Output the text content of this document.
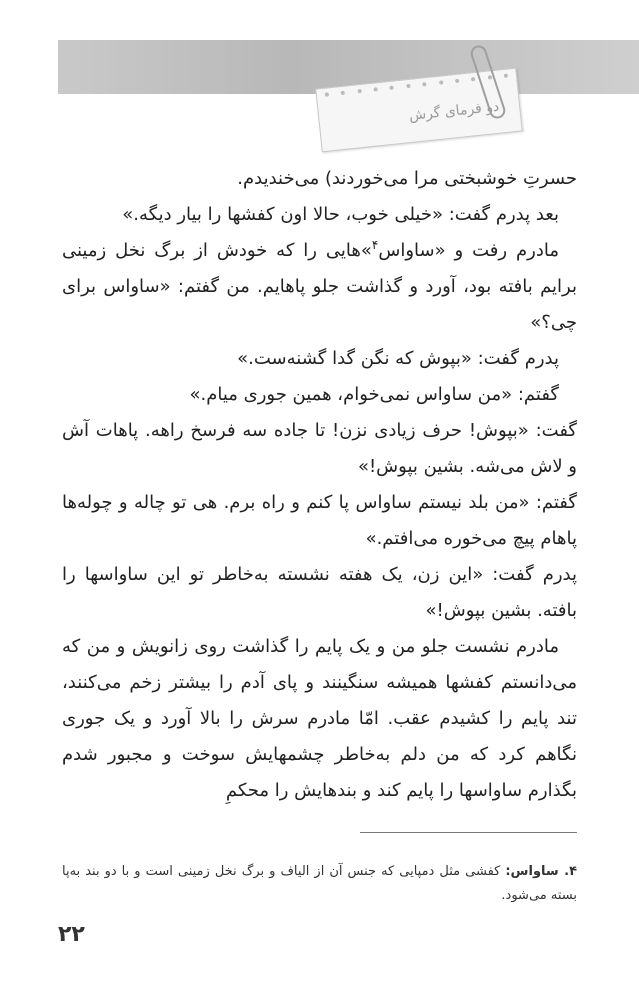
دو فرمای گرش

حسرتِ خوشبختی مرا می‌خوردند) می‌خندیدم.

بعد پدرم گفت: «خیلی خوب، حالا اون کفشها را بیار دیگه.»

مادرم رفت و «ساواس$^۴$»هایی را که خودش از برگ نخل زمینی برایم بافته بود، آورد و گذاشت جلو پاهایم. من گفتم: «ساواس برای چی؟»

پدرم گفت: «بپوش که نگن گدا گشنه‌ست.»

گفتم: «من ساواس نمی‌خوام، همین جوری میام.»

گفت: «بپوش! حرف زیادی نزن! تا جاده سه فرسخ راهه. پاهات آش و لاش می‌شه. بشین بپوش!»

گفتم: «من بلد نیستم ساواس پا کنم و راه برم. هی تو چاله و چوله‌ها پاهام پیچ می‌خوره می‌افتم.»

پدرم گفت: «این زن، یک هفته نشسته به‌خاطر تو این ساواسها را بافته. بشین بپوش!»

مادرم نشست جلو من و یک پایم را گذاشت روی زانویش و من که می‌دانستم کفشها همیشه سنگینند و پای آدم را بیشتر زخم می‌کنند، تند پایم را کشیدم عقب. امّا مادرم سرش را بالا آورد و یک جوری نگاهم کرد که من دلم به‌خاطر چشمهایش سوخت و مجبور شدم بگذارم ساواسها را پایم کند و بندهایش را محکمِ

۴. ساواس: کفشی مثل دمپایی که جنس آن از الیاف و برگ نخل زمینی است و با دو بند به‌پا بسته می‌شود.
۲۲
